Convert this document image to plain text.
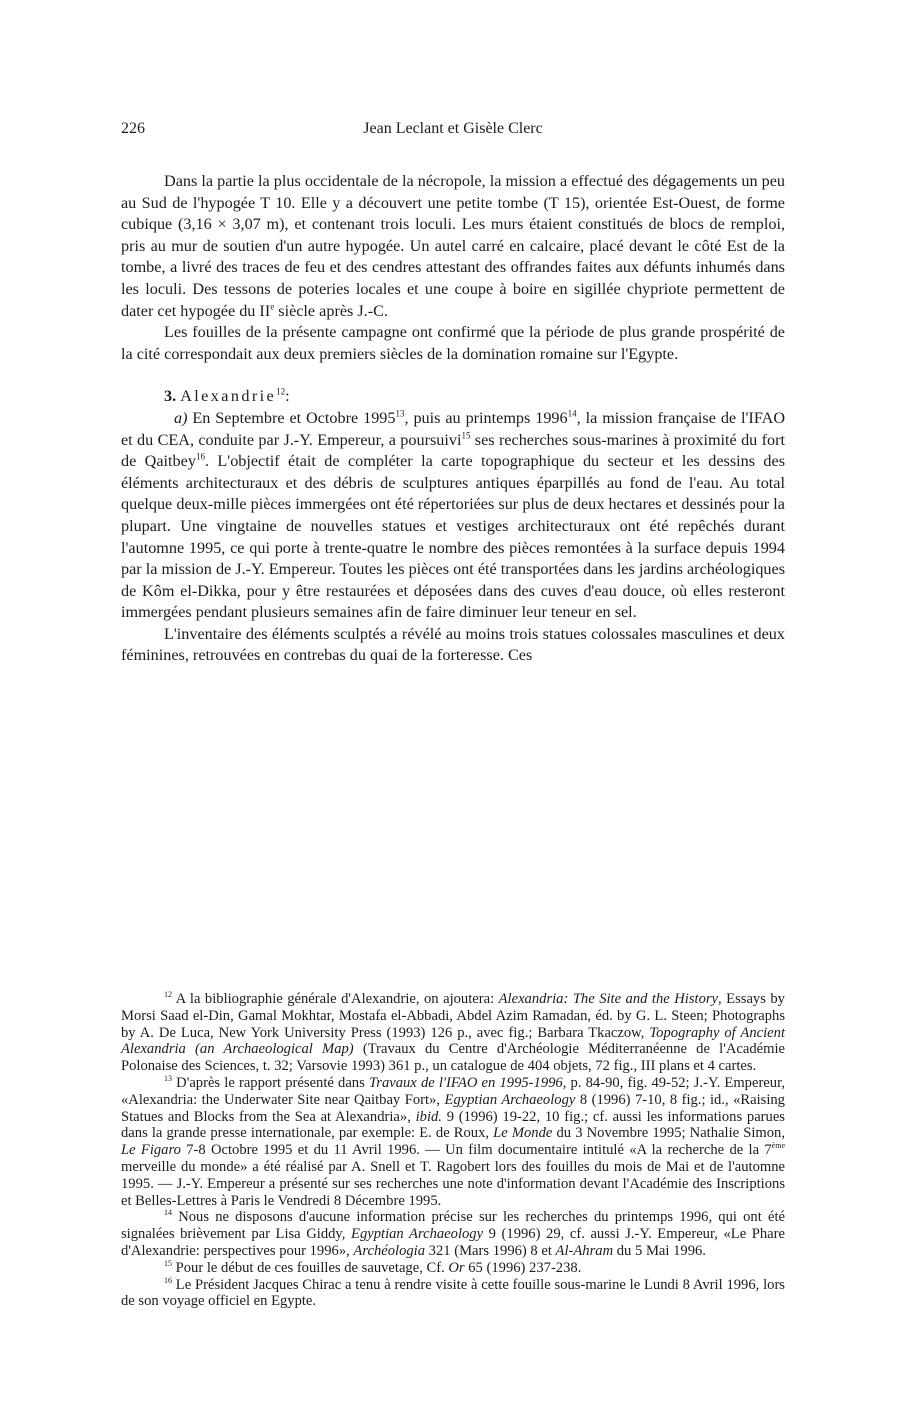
226	Jean Leclant et Gisèle Clerc

Dans la partie la plus occidentale de la nécropole, la mission a effectué des dégagements un peu au Sud de l'hypogée T 10. Elle y a découvert une petite tombe (T 15), orientée Est-Ouest, de forme cubique (3,16 × 3,07 m), et contenant trois loculi. Les murs étaient constitués de blocs de remploi, pris au mur de soutien d'un autre hypogée. Un autel carré en calcaire, placé devant le côté Est de la tombe, a livré des traces de feu et des cendres attestant des offrandes faites aux défunts inhumés dans les loculi. Des tessons de poteries locales et une coupe à boire en sigillée chypriote permettent de dater cet hypogée du IIe siècle après J.-C.

Les fouilles de la présente campagne ont confirmé que la période de plus grande prospérité de la cité correspondait aux deux premiers siècles de la domination romaine sur l'Egypte.

3. Alexandrie$^{12}$:

a) En Septembre et Octobre 1995$^{13}$, puis au printemps 1996$^{14}$, la mission française de l'IFAO et du CEA, conduite par J.-Y. Empereur, a poursuivi$^{15}$ ses recherches sous-marines à proximité du fort de Qaitbey$^{16}$. L'objectif était de compléter la carte topographique du secteur et les dessins des éléments architecturaux et des débris de sculptures antiques éparpillés au fond de l'eau. Au total quelque deux-mille pièces immergées ont été répertoriées sur plus de deux hectares et dessinés pour la plupart. Une vingtaine de nouvelles statues et vestiges architecturaux ont été repêchés durant l'automne 1995, ce qui porte à trente-quatre le nombre des pièces remontées à la surface depuis 1994 par la mission de J.-Y. Empereur. Toutes les pièces ont été transportées dans les jardins archéologiques de Kôm el-Dikka, pour y être restaurées et déposées dans des cuves d'eau douce, où elles resteront immergées pendant plusieurs semaines afin de faire diminuer leur teneur en sel.

L'inventaire des éléments sculptés a révélé au moins trois statues colossales masculines et deux féminines, retrouvées en contrebas du quai de la forteresse. Ces

$^{12}$ A la bibliographie générale d'Alexandrie, on ajoutera: Alexandria: The Site and the History, Essays by Morsi Saad el-Din, Gamal Mokhtar, Mostafa el-Abbadi, Abdel Azim Ramadan, éd. by G. L. Steen; Photographs by A. De Luca, New York University Press (1993) 126 p., avec fig.; Barbara Tkaczow, Topography of Ancient Alexandria (an Archaeological Map) (Travaux du Centre d'Archéologie Méditerranéenne de l'Académie Polonaise des Sciences, t. 32; Varsovie 1993) 361 p., un catalogue de 404 objets, 72 fig., III plans et 4 cartes.

$^{13}$ D'après le rapport présenté dans Travaux de l'IFAO en 1995-1996, p. 84-90, fig. 49-52; J.-Y. Empereur, «Alexandria: the Underwater Site near Qaitbay Fort», Egyptian Archaeology 8 (1996) 7-10, 8 fig.; id., «Raising Statues and Blocks from the Sea at Alexandria», ibid. 9 (1996) 19-22, 10 fig.; cf. aussi les informations parues dans la grande presse internationale, par exemple: E. de Roux, Le Monde du 3 Novembre 1995; Nathalie Simon, Le Figaro 7-8 Octobre 1995 et du 11 Avril 1996. — Un film documentaire intitulé «A la recherche de la 7ème merveille du monde» a été réalisé par A. Snell et T. Ragobert lors des fouilles du mois de Mai et de l'automne 1995. — J.-Y. Empereur a présenté sur ses recherches une note d'information devant l'Académie des Inscriptions et Belles-Lettres à Paris le Vendredi 8 Décembre 1995.

$^{14}$ Nous ne disposons d'aucune information précise sur les recherches du printemps 1996, qui ont été signalées brièvement par Lisa Giddy, Egyptian Archaeology 9 (1996) 29, cf. aussi J.-Y. Empereur, «Le Phare d'Alexandrie: perspectives pour 1996», Archéologia 321 (Mars 1996) 8 et Al-Ahram du 5 Mai 1996.

$^{15}$ Pour le début de ces fouilles de sauvetage, Cf. Or 65 (1996) 237-238.

$^{16}$ Le Président Jacques Chirac a tenu à rendre visite à cette fouille sous-marine le Lundi 8 Avril 1996, lors de son voyage officiel en Egypte.
